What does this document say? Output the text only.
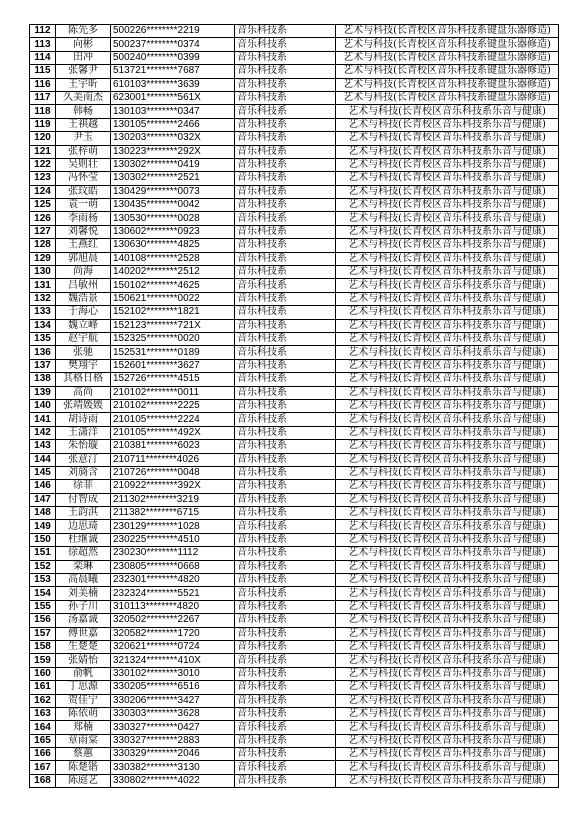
112	陈先多	500226********2219	音乐科技系	艺术与科技(长青校区音乐科技系键盘乐器修造)
113	向彬	500237********0374	音乐科技系	艺术与科技(长青校区音乐科技系键盘乐器修造)
114	田冲	500240********0399	音乐科技系	艺术与科技(长青校区音乐科技系键盘乐器修造)
115	张馨尹	513721********7687	音乐科技系	艺术与科技(长青校区音乐科技系键盘乐器修造)
116	王宇昕	610103********3639	音乐科技系	艺术与科技(长青校区音乐科技系键盘乐器修造)
117	久美南杰	623001********561X	音乐科技系	艺术与科技(长青校区音乐科技系键盘乐器修造)
118	韩畅	130103********0347	音乐科技系	艺术与科技(长青校区音乐科技系乐音与健康)
119	王祺越	130105********2466	音乐科技系	艺术与科技(长青校区音乐科技系乐音与健康)
120	尹玉	130203********032X	音乐科技系	艺术与科技(长青校区音乐科技系乐音与健康)
121	张梓萌	130223********292X	音乐科技系	艺术与科技(长青校区音乐科技系乐音与健康)
122	吴则壮	130302********0419	音乐科技系	艺术与科技(长青校区音乐科技系乐音与健康)
123	冯怀莹	130302********2521	音乐科技系	艺术与科技(长青校区音乐科技系乐音与健康)
124	张玟皓	130429********0073	音乐科技系	艺术与科技(长青校区音乐科技系乐音与健康)
125	袁一萌	130435********0042	音乐科技系	艺术与科技(长青校区音乐科技系乐音与健康)
126	李雨杨	130530********0028	音乐科技系	艺术与科技(长青校区音乐科技系乐音与健康)
127	刘馨悦	130602********0923	音乐科技系	艺术与科技(长青校区音乐科技系乐音与健康)
128	王燕红	130630********4825	音乐科技系	艺术与科技(长青校区音乐科技系乐音与健康)
129	郭旭晨	140108********2528	音乐科技系	艺术与科技(长青校区音乐科技系乐音与健康)
130	尚海	140202********2512	音乐科技系	艺术与科技(长青校区音乐科技系乐音与健康)
131	吕敏州	150102********4625	音乐科技系	艺术与科技(长青校区音乐科技系乐音与健康)
132	魏浩景	150621********0022	音乐科技系	艺术与科技(长青校区音乐科技系乐音与健康)
133	于海心	152102********1821	音乐科技系	艺术与科技(长青校区音乐科技系乐音与健康)
134	魏立峰	152123********721X	音乐科技系	艺术与科技(长青校区音乐科技系乐音与健康)
135	赵宇航	152325********0020	音乐科技系	艺术与科技(长青校区音乐科技系乐音与健康)
136	张驰	152531********0189	音乐科技系	艺术与科技(长青校区音乐科技系乐音与健康)
137	樊翔宇	152601********3627	音乐科技系	艺术与科技(长青校区音乐科技系乐音与健康)
138	其格日格	152726********4515	音乐科技系	艺术与科技(长青校区音乐科技系乐音与健康)
139	高尚	210102********0011	音乐科技系	艺术与科技(长青校区音乐科技系乐音与健康)
140	张靖媛媛	210102********2225	音乐科技系	艺术与科技(长青校区音乐科技系乐音与健康)
141	胡诗雨	210105********2224	音乐科技系	艺术与科技(长青校区音乐科技系乐音与健康)
142	王潇洋	210105********492X	音乐科技系	艺术与科技(长青校区音乐科技系乐音与健康)
143	朱怡璇	210381********6023	音乐科技系	艺术与科技(长青校区音乐科技系乐音与健康)
144	张意汀	210711********4026	音乐科技系	艺术与科技(长青校区音乐科技系乐音与健康)
145	刘旖含	210726********0048	音乐科技系	艺术与科技(长青校区音乐科技系乐音与健康)
146	徐菲	210922********392X	音乐科技系	艺术与科技(长青校区音乐科技系乐音与健康)
147	付智成	211302********3219	音乐科技系	艺术与科技(长青校区音乐科技系乐音与健康)
148	王韵淇	211382********6715	音乐科技系	艺术与科技(长青校区音乐科技系乐音与健康)
149	边思琦	230129********1028	音乐科技系	艺术与科技(长青校区音乐科技系乐音与健康)
150	杜继诚	230225********4510	音乐科技系	艺术与科技(长青校区音乐科技系乐音与健康)
151	徐超然	230230********1112	音乐科技系	艺术与科技(长青校区音乐科技系乐音与健康)
152	栾琳	230805********0668	音乐科技系	艺术与科技(长青校区音乐科技系乐音与健康)
153	高晨曦	232301********4820	音乐科技系	艺术与科技(长青校区音乐科技系乐音与健康)
154	刘美楠	232324********5521	音乐科技系	艺术与科技(长青校区音乐科技系乐音与健康)
155	孙子川	310113********4820	音乐科技系	艺术与科技(长青校区音乐科技系乐音与健康)
156	汤嘉诚	320502********2267	音乐科技系	艺术与科技(长青校区音乐科技系乐音与健康)
157	傅世嘉	320582********1720	音乐科技系	艺术与科技(长青校区音乐科技系乐音与健康)
158	生楚楚	320621********0724	音乐科技系	艺术与科技(长青校区音乐科技系乐音与健康)
159	张婧怡	321324********410X	音乐科技系	艺术与科技(长青校区音乐科技系乐音与健康)
160	俞帆	330102********3010	音乐科技系	艺术与科技(长青校区音乐科技系乐音与健康)
161	丁思源	330205********6516	音乐科技系	艺术与科技(长青校区音乐科技系乐音与健康)
162	贺佳宁	330206********3427	音乐科技系	艺术与科技(长青校区音乐科技系乐音与健康)
163	陈依萌	330303********3628	音乐科技系	艺术与科技(长青校区音乐科技系乐音与健康)
164	郑楠	330327********0427	音乐科技系	艺术与科技(长青校区音乐科技系乐音与健康)
165	章雨棠	330327********2883	音乐科技系	艺术与科技(长青校区音乐科技系乐音与健康)
166	蔡蕙	330329********2046	音乐科技系	艺术与科技(长青校区音乐科技系乐音与健康)
167	陈楚锴	330382********3130	音乐科技系	艺术与科技(长青校区音乐科技系乐音与健康)
168	陈庭艺	330802********4022	音乐科技系	艺术与科技(长青校区音乐科技系乐音与健康)
